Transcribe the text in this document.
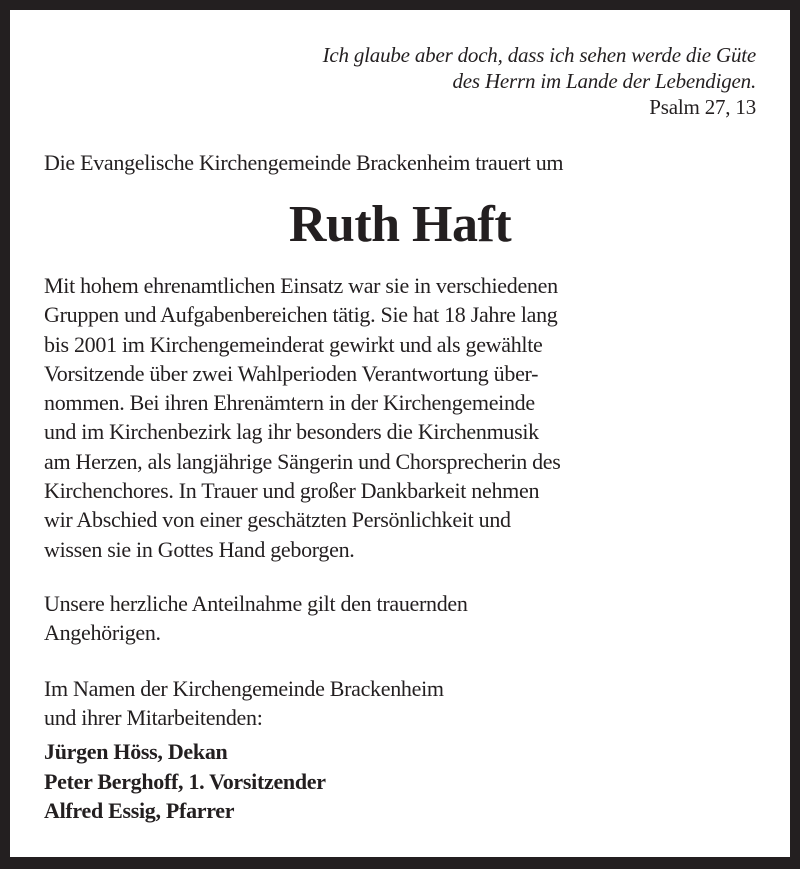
Ich glaube aber doch, dass ich sehen werde die Güte
des Herrn im Lande der Lebendigen.
Psalm 27, 13
Die Evangelische Kirchengemeinde Brackenheim trauert um
Ruth Haft
Mit hohem ehrenamtlichen Einsatz war sie in verschiedenen
Gruppen und Aufgabenbereichen tätig. Sie hat 18 Jahre lang
bis 2001 im Kirchengemeinderat gewirkt und als gewählte
Vorsitzende über zwei Wahlperioden Verantwortung über-
nommen. Bei ihren Ehrenämtern in der Kirchengemeinde
und im Kirchenbezirk lag ihr besonders die Kirchenmusik
am Herzen, als langjährige Sängerin und Chorsprecherin des
Kirchenchores. In Trauer und großer Dankbarkeit nehmen
wir Abschied von einer geschätzten Persönlichkeit und
wissen sie in Gottes Hand geborgen.
Unsere herzliche Anteilnahme gilt den trauernden
Angehörigen.
Im Namen der Kirchengemeinde Brackenheim
und ihrer Mitarbeitenden:
Jürgen Höss, Dekan
Peter Berghoff, 1. Vorsitzender
Alfred Essig, Pfarrer
